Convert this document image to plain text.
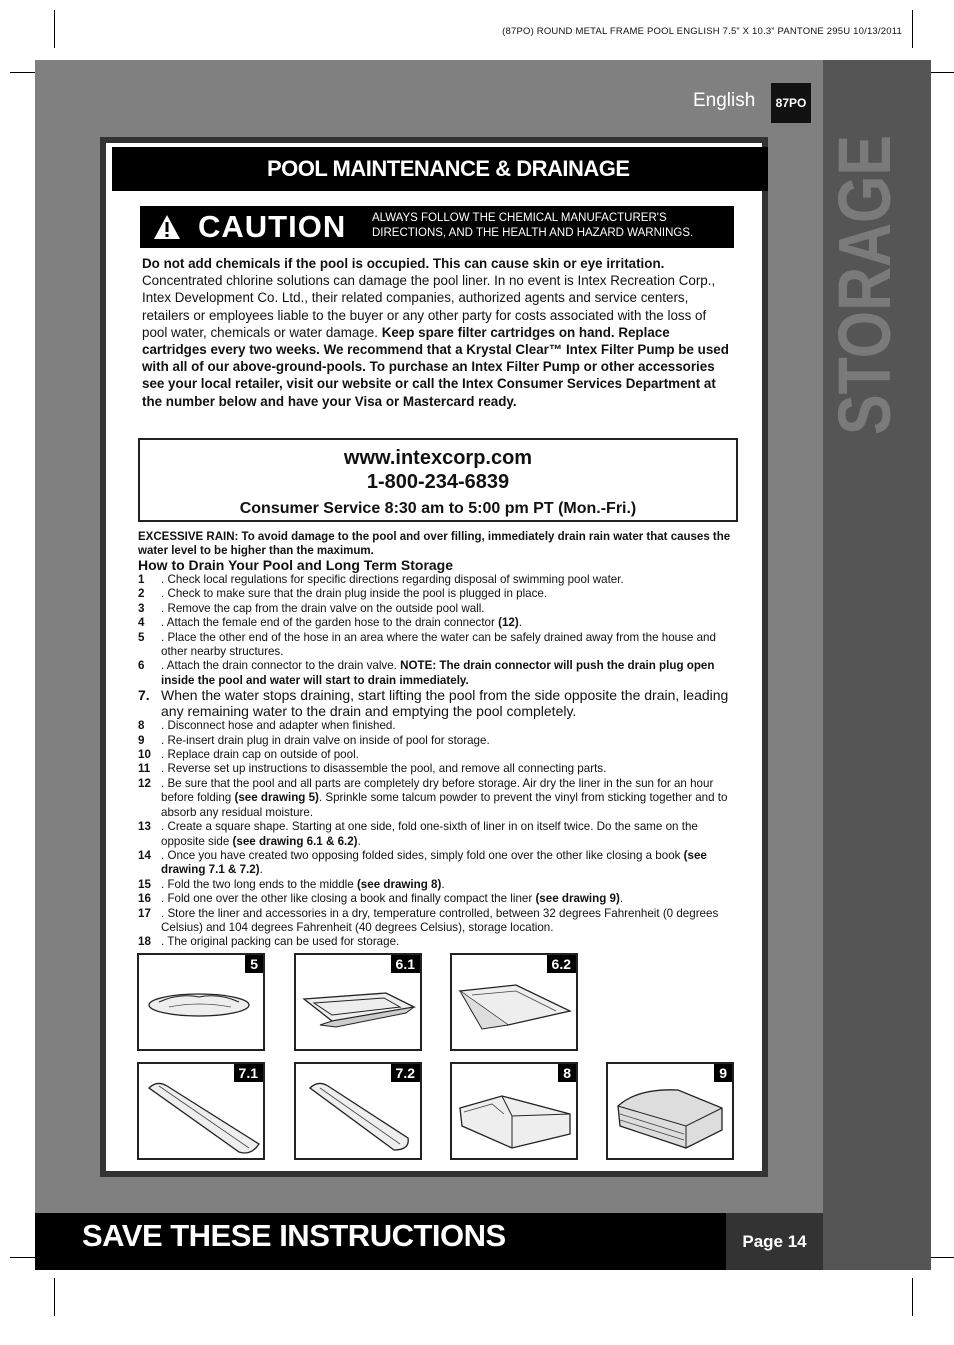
(87PO) ROUND METAL FRAME POOL ENGLISH 7.5” X 10.3” PANTONE 295U 10/13/2011
STORAGE
English	87PO
POOL MAINTENANCE & DRAINAGE
CAUTION ALWAYS FOLLOW THE CHEMICAL MANUFACTURER'S
DIRECTIONS, AND THE HEALTH AND HAZARD WARNINGS.
Do not add chemicals if the pool is occupied. This can cause skin or eye irritation. Concentrated chlorine solutions can damage the pool liner. In no event is Intex Recreation Corp., Intex Development Co. Ltd., their related companies, authorized agents and service centers, retailers or employees liable to the buyer or any other party for costs associated with the loss of pool water, chemicals or water damage. Keep spare filter cartridges on hand. Replace cartridges every two weeks. We recommend that a Krystal Clear™ Intex Filter Pump be used with all of our above-ground-pools. To purchase an Intex Filter Pump or other accessories see your local retailer, visit our website or call the Intex Consumer Services Department at the number below and have your Visa or Mastercard ready.
www.intexcorp.com
1-800-234-6839
Consumer Service 8:30 am to 5:00 pm PT (Mon.-Fri.)
EXCESSIVE RAIN: To avoid damage to the pool and over filling, immediately drain rain water that causes the water level to be higher than the maximum.
How to Drain Your Pool and Long Term Storage
1 . Check local regulations for specific directions regarding disposal of swimming pool water.
2 . Check to make sure that the drain plug inside the pool is plugged in place.
3 . Remove the cap from the drain valve on the outside pool wall.
4 . Attach the female end of the garden hose to the drain connector (12).
5 . Place the other end of the hose in an area where the water can be safely drained away from the house and other nearby structures.
6 . Attach the drain connector to the drain valve. NOTE: The drain connector will push the drain plug open inside the pool and water will start to drain immediately.
7. When the water stops draining, start lifting the pool from the side opposite the drain, leading any remaining water to the drain and emptying the pool completely.
8 . Disconnect hose and adapter when finished.
9 . Re-insert drain plug in drain valve on inside of pool for storage.
10 . Replace drain cap on outside of pool.
11 . Reverse set up instructions to disassemble the pool, and remove all connecting parts.
12 . Be sure that the pool and all parts are completely dry before storage. Air dry the liner in the sun for an hour before folding (see drawing 5). Sprinkle some talcum powder to prevent the vinyl from sticking together and to absorb any residual moisture.
13 . Create a square shape. Starting at one side, fold one-sixth of liner in on itself twice. Do the same on the opposite side (see drawing 6.1 & 6.2).
14 . Once you have created two opposing folded sides, simply fold one over the other like closing a book (see drawing 7.1 & 7.2).
15 . Fold the two long ends to the middle (see drawing 8).
16 . Fold one over the other like closing a book and finally compact the liner (see drawing 9).
17 . Store the liner and accessories in a dry, temperature controlled, between 32 degrees Fahrenheit (0 degrees Celsius) and 104 degrees Fahrenheit (40 degrees Celsius), storage location.
18 . The original packing can be used for storage.
5	6.1	6.2
7.1	7.2	8	9
SAVE THESE INSTRUCTIONS	Page 14
